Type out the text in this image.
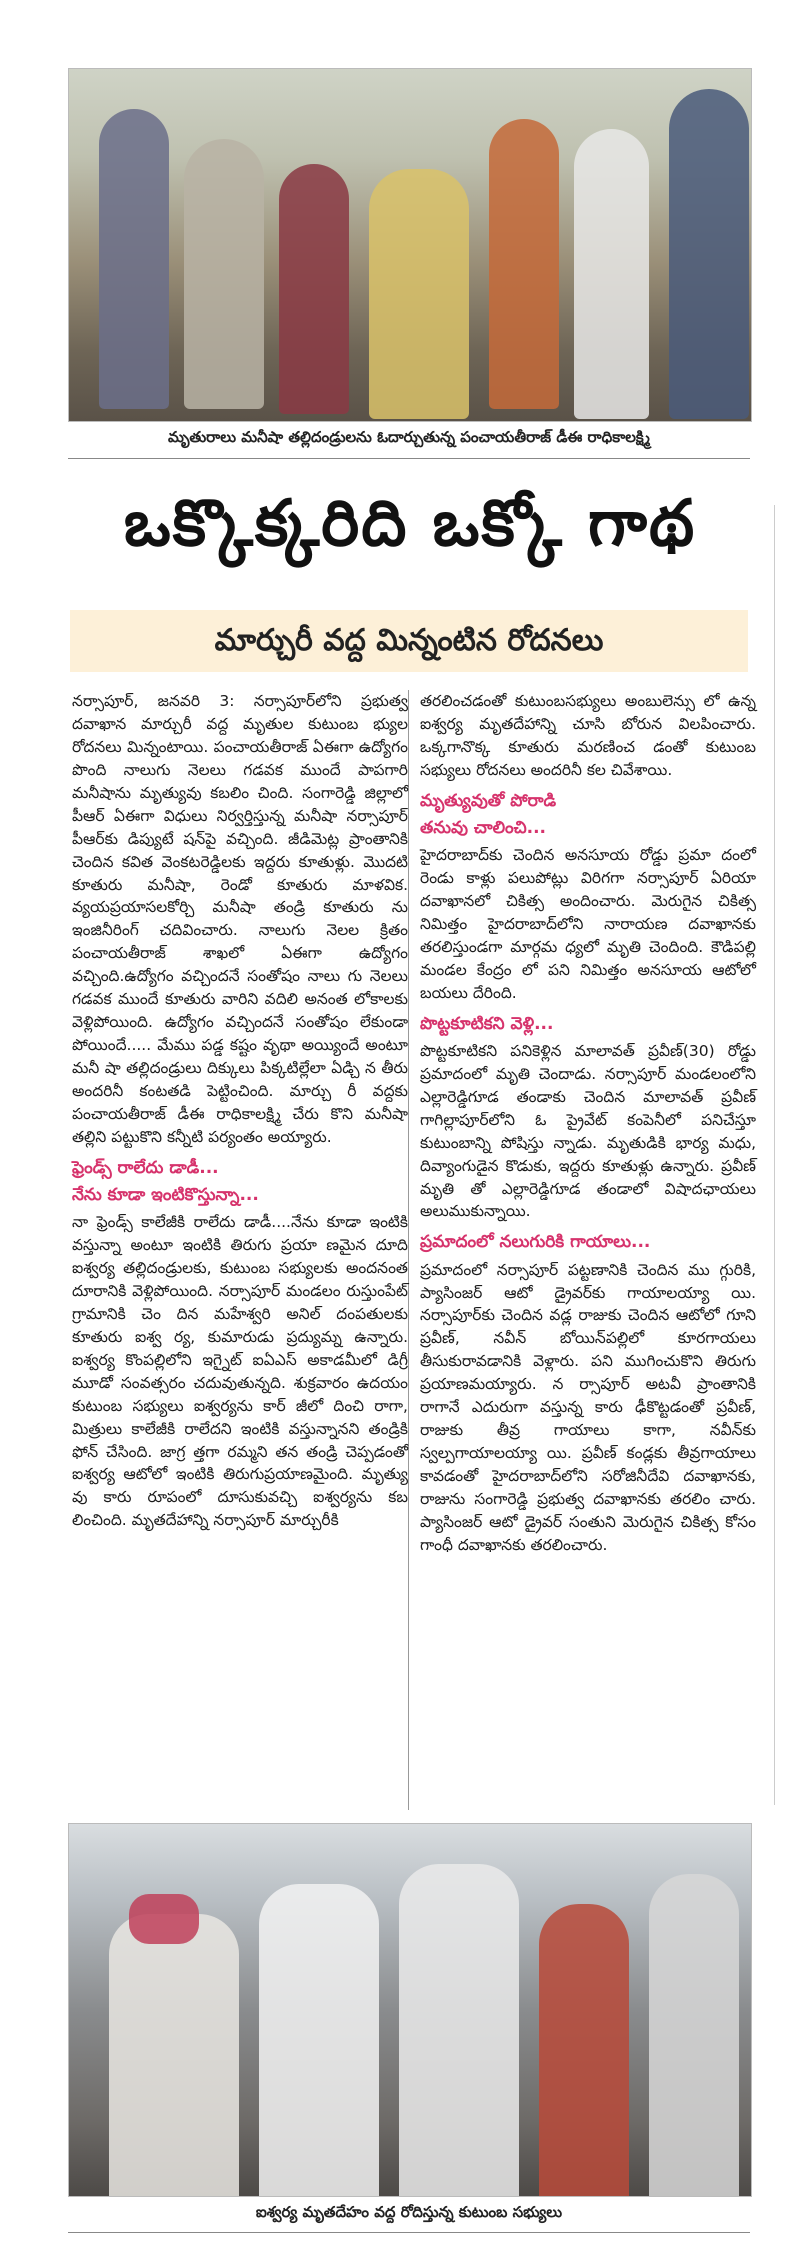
మృతురాలు మనీషా తల్లిదండ్రులను ఓదార్చుతున్న పంచాయతీరాజ్ డీఈ రాధికాలక్ష్మి
ఒక్కొక్కరిది ఒక్కో గాథ
మార్చురీ వద్ద మిన్నంటిన రోదనలు

నర్సాపూర్, జనవరి 3: నర్సాపూర్‌లోని ప్రభుత్వ దవాఖాన మార్చురీ వద్ద మృతుల కుటుంబ భ్యుల రోదనలు మిన్నంటాయి. పంచాయతీరాజ్ ఏఈగా ఉద్యోగం పొంది నాలుగు నెలలు గడవక ముందే పాపగారి మనీషాను మృత్యువు కబలిం చింది. సంగారెడ్డి జిల్లాలో పీఆర్ ఏఈగా విధులు నిర్వర్తిస్తున్న మనీషా నర్సాపూర్ పీఆర్‌కు డిప్యుటే షన్‌పై వచ్చింది. జీడిమెట్ల ప్రాంతానికి చెందిన కవిత వెంకటరెడ్డిలకు ఇద్దరు కూతుళ్లు. మొదటి కూతురు మనీషా, రెండో కూతురు మాళవిక. వ్యయప్రయాసలకోర్చి మనీషా తండ్రి కూతురు ను ఇంజినీరింగ్ చదివించారు. నాలుగు నెలల క్రితం పంచాయతీరాజ్ శాఖలో ఏఈగా ఉద్యోగం వచ్చింది.ఉద్యోగం వచ్చిందనే సంతోషం నాలు గు నెలలు గడవక ముందే కూతురు వారిని వదిలి అనంత లోకాలకు వెళ్లిపోయింది. ఉద్యోగం వచ్చిందనే సంతోషం లేకుండా పోయిందే..... మేము పడ్డ కష్టం వృథా అయ్యిందే అంటూ మనీ షా తల్లిదండ్రులు దిక్కులు పిక్కటిల్లేలా ఏడ్చి న తీరు అందరినీ కంటతడి పెట్టించింది. మార్చు రీ వద్దకు పంచాయతీరాజ్ డీఈ రాధికాలక్ష్మి చేరు కొని మనీషా తల్లిని పట్టుకొని కన్నీటి పర్యంతం అయ్యారు.

ఫ్రెండ్స్ రాలేదు డాడీ...
నేను కూడా ఇంటికొస్తున్నా...

నా ఫ్రెండ్స్ కాలేజీకి రాలేదు డాడీ....నేను కూడా ఇంటికి వస్తున్నా అంటూ ఇంటికి తిరుగు ప్రయా ణమైన దూది ఐశ్వర్య తల్లిదండ్రులకు, కుటుంబ సభ్యులకు అందనంత దూరానికి వెళ్లిపోయింది. నర్సాపూర్ మండలం రుస్తుంపేట్ గ్రామానికి చెం దిన మహేశ్వరి అనిల్ దంపతులకు కూతురు ఐశ్వ ర్య, కుమారుడు ప్రద్యుమ్న ఉన్నారు. ఐశ్వర్య కొంపల్లిలోని ఇగ్నైట్ ఐఏఎస్ అకాడమీలో డిగ్రీ మూడో సంవత్సరం చదువుతున్నది. శుక్రవారం ఉదయం కుటుంబ సభ్యులు ఐశ్వర్యను కార్ జీలో దించి రాగా, మిత్రులు కాలేజీకి రాలేదని ఇంటికి వస్తున్నానని తండ్రికి ఫోన్ చేసింది. జాగ్ర త్తగా రమ్మని తన తండ్రి చెప్పడంతో ఐశ్వర్య ఆటోలో ఇంటికి తిరుగుప్రయాణమైంది. మృత్యు వు కారు రూపంలో దూసుకువచ్చి ఐశ్వర్యను కబ లించింది. మృతదేహాన్ని నర్సాపూర్ మార్చురీకి

తరలించడంతో కుటుంబసభ్యులు అంబులెన్సు లో ఉన్న ఐశ్వర్య మృతదేహాన్ని చూసి బోరున విలపించారు. ఒక్కగానొక్క కూతురు మరణించ డంతో కుటుంబ సభ్యులు రోదనలు అందరినీ కల చివేశాయి.

మృత్యువుతో పోరాడి
తనువు చాలించి...

హైదరాబాద్‌కు చెందిన అనసూయ రోడ్డు ప్రమా దంలో రెండు కాళ్లు పలుపోట్లు విరిగగా నర్సాపూర్ ఏరియా దవాఖానలో చికిత్స అందించారు. మెరుగైన చికిత్స నిమిత్తం హైదరాబాద్‌లోని నారాయణ దవాఖానకు తరలిస్తుండగా మార్గమ ధ్యలో మృతి చెందింది. కౌడిపల్లి మండల కేంద్రం లో పని నిమిత్తం అనసూయ ఆటోలో బయలు దేరింది.

పొట్టకూటికని వెళ్లి...

పొట్టకూటికని పనికెళ్లిన మాలావత్ ప్రవీణ్(30) రోడ్డు ప్రమాదంలో మృతి చెందాడు. నర్సాపూర్ మండలంలోని ఎల్లారెడ్డిగూడ తండాకు చెందిన మాలావత్ ప్రవీణ్ గాగిల్లాపూర్‌లోని ఓ ప్రైవేట్ కంపెనీలో పనిచేస్తూ కుటుంబాన్ని పోషిస్తు న్నాడు. మృతుడికి భార్య మధు, దివ్యాంగుడైన కొడుకు, ఇద్దరు కూతుళ్లు ఉన్నారు. ప్రవీణ్ మృతి తో ఎల్లారెడ్డిగూడ తండాలో విషాదఛాయలు అలుముకున్నాయి.

ప్రమాదంలో నలుగురికి గాయాలు...

ప్రమాదంలో నర్సాపూర్ పట్టణానికి చెందిన ము గ్గురికి, ప్యాసింజర్ ఆటో డ్రైవర్‌కు గాయాలయ్యా యి. నర్సాపూర్‌కు చెందిన వడ్ల రాజుకు చెందిన ఆటోలో గూని ప్రవీణ్, నవీన్ బోయిన్‌పల్లిలో కూరగాయలు తీసుకురావడానికి వెళ్లారు. పని ముగించుకొని తిరుగు ప్రయాణమయ్యారు. న ర్సాపూర్ అటవీ ప్రాంతానికి రాగానే ఎదురుగా వస్తున్న కారు ఢీకొట్టడంతో ప్రవీణ్, రాజుకు తీవ్ర గాయాలు కాగా, నవీన్‌కు స్వల్పగాయాలయ్యా యి. ప్రవీణ్ కండ్లకు తీవ్రగాయాలు కావడంతో హైదరాబాద్‌లోని సరోజినీదేవి దవాఖానకు, రాజును సంగారెడ్డి ప్రభుత్వ దవాఖానకు తరలిం చారు. ప్యాసింజర్ ఆటో డ్రైవర్ సంతుని మెరుగైన చికిత్స కోసం గాంధీ దవాఖానకు తరలించారు.

ఐశ్వర్య మృతదేహం వద్ద రోదిస్తున్న కుటుంబ సభ్యులు
